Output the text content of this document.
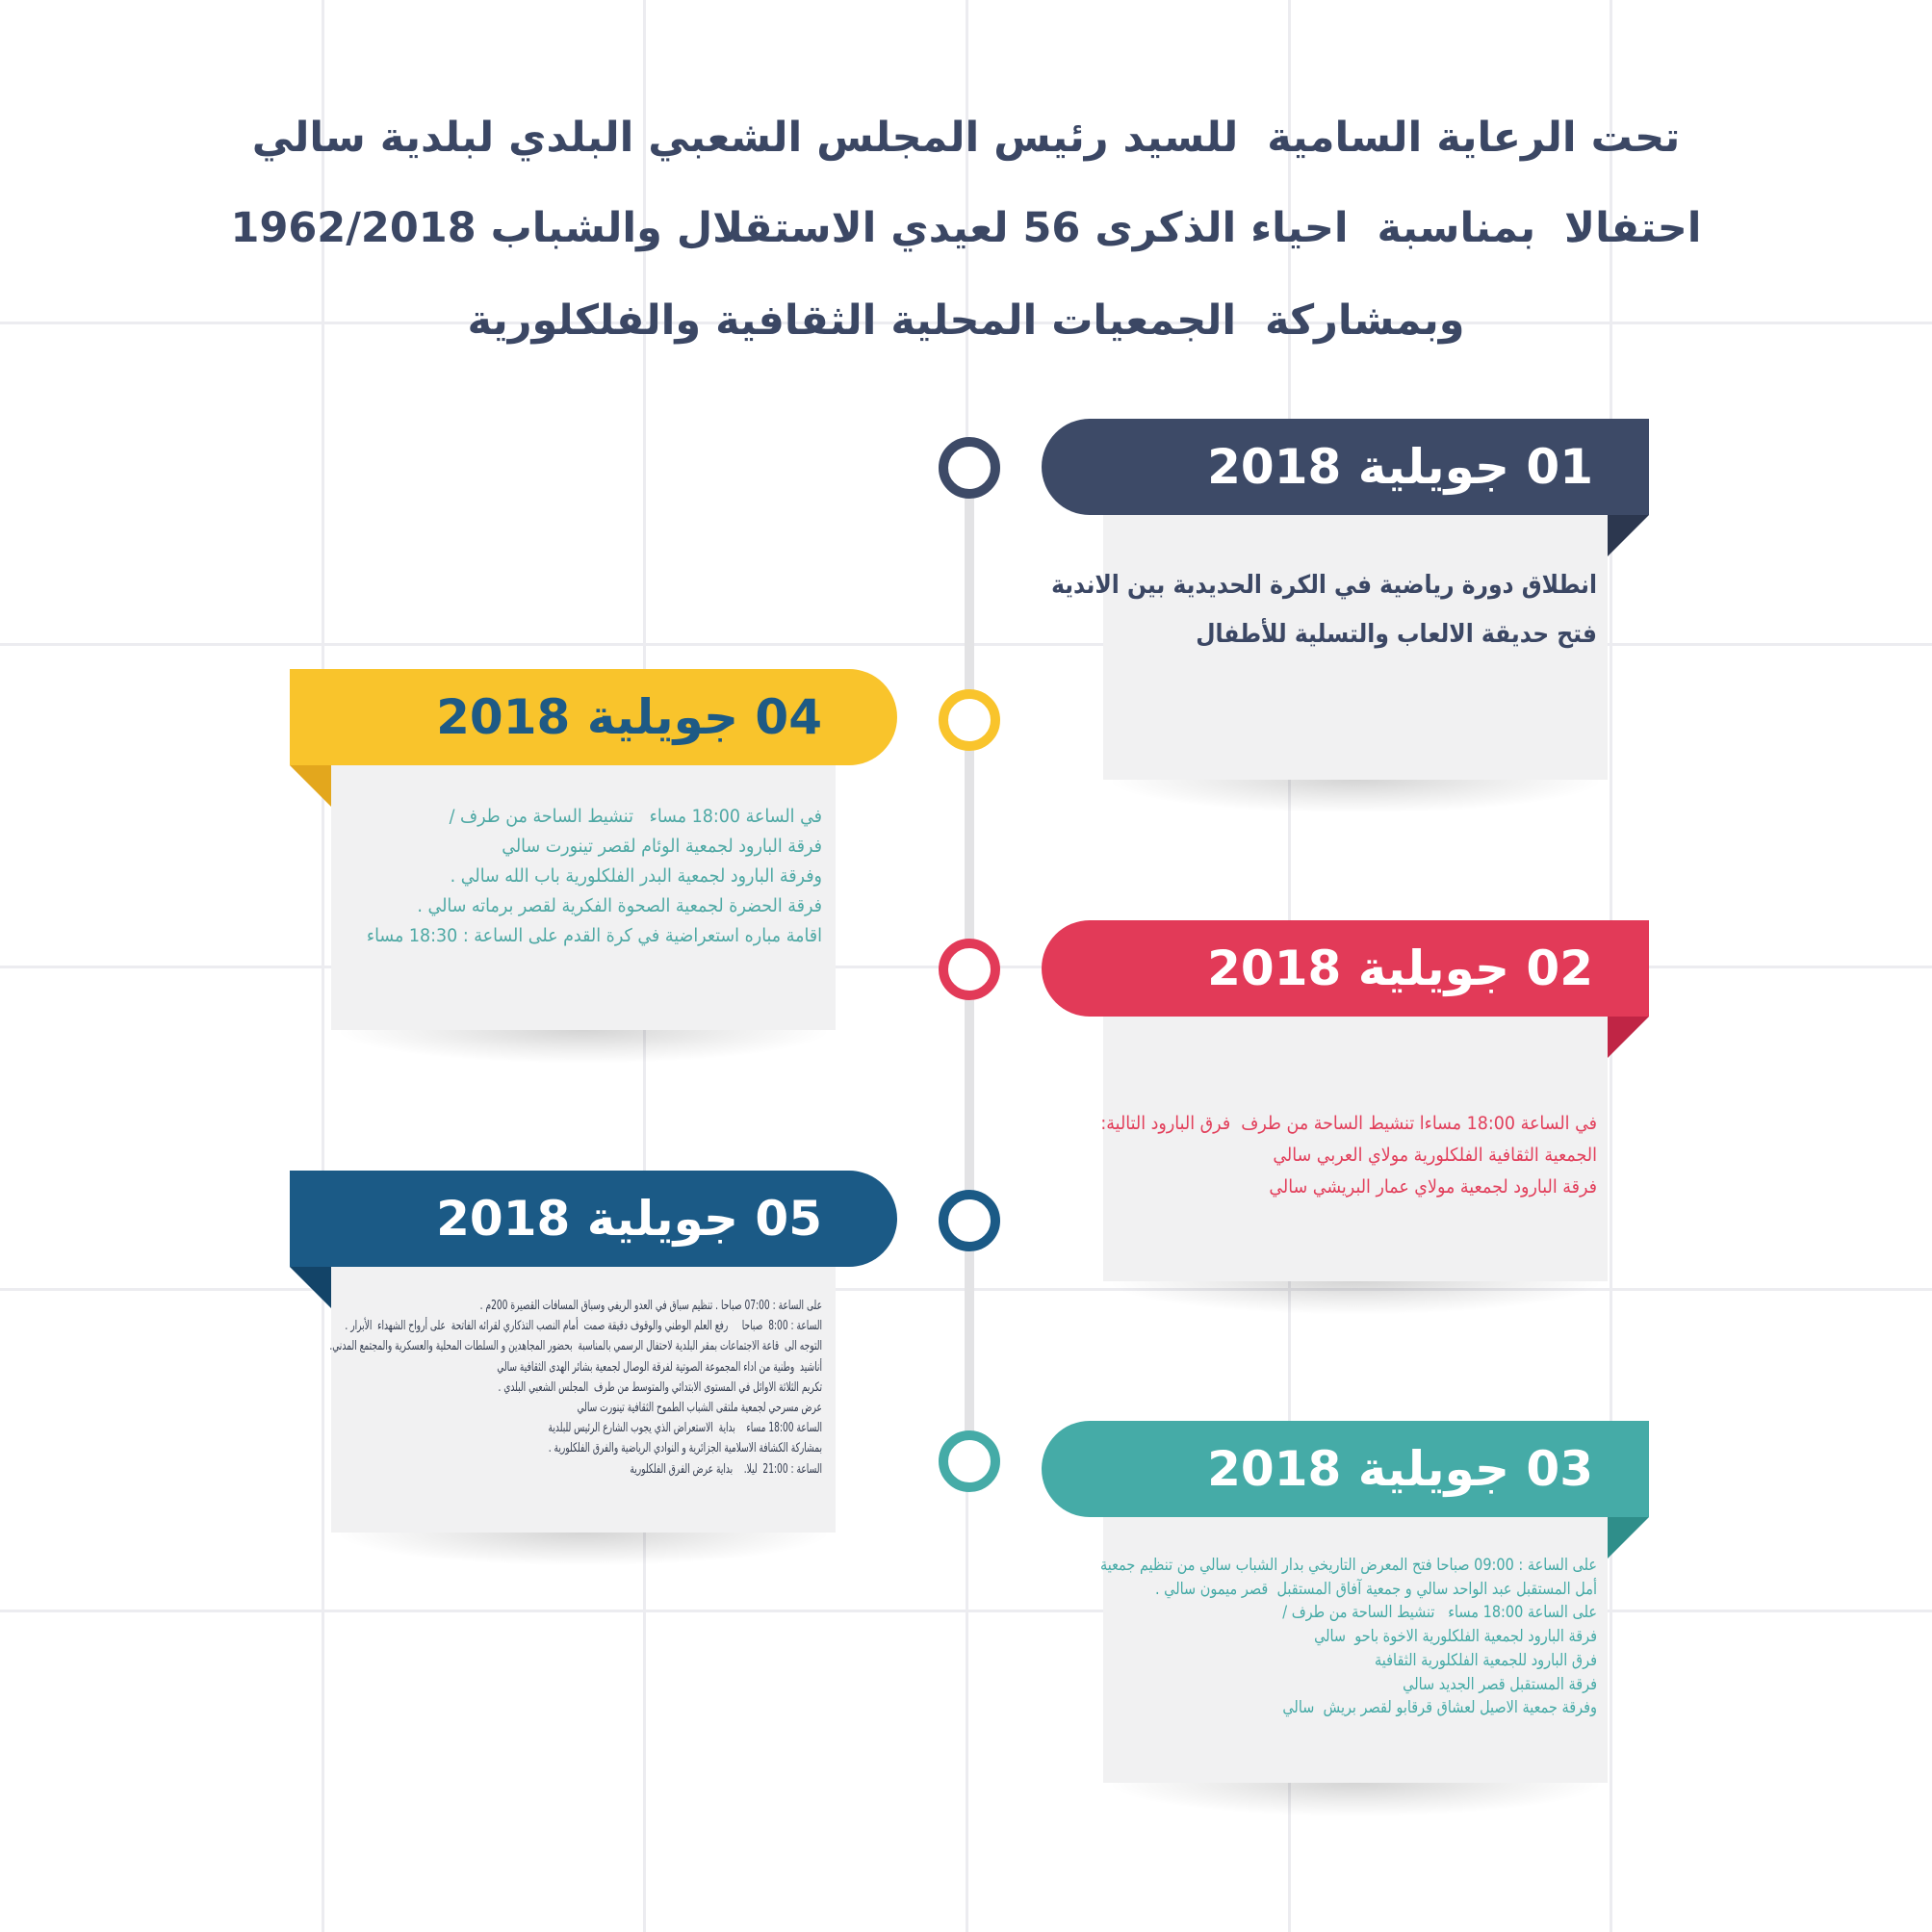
تحت الرعاية السامية  للسيد رئيس المجلس الشعبي البلدي لبلدية سالي
احتفالا  بمناسبة  احياء الذكرى 56 لعيدي الاستقلال والشباب 1962/2018
وبمشاركة  الجمعيات المحلية الثقافية والفلكلورية
انطلاق دورة رياضية في الكرة الحديدية بين الاندية
فتح حديقة الالعاب والتسلية للأطفال
01 جويلية 2018
في الساعة 18:00 مساء   تنشيط الساحة من طرف /
فرقة البارود لجمعية الوئام لقصر تينورت سالي
وفرقة البارود لجمعية البدر الفلكلورية باب الله سالي .
فرقة الحضرة لجمعية الصحوة الفكرية لقصر برماته سالي .
اقامة مباره استعراضية في كرة القدم على الساعة : 18:30 مساء
04 جويلية 2018
في الساعة 18:00 مساءا تنشيط الساحة من طرف  فرق البارود التالية:
الجمعية الثقافية الفلكلورية مولاي العربي سالي
فرقة البارود لجمعية مولاي عمار البريشي سالي
02 جويلية 2018
على الساعة : 07:00 صباحا . تنظيم سباق في العدو الريفي وسباق المسافات القصيرة 200م .
الساعة : 8:00  صباحا     رفع العلم الوطني والوقوف دقيقة صمت  أمام النصب التذكاري لقرائه الفاتحة  على أرواح الشهداء  الأبرار .
التوجه الى  قاعة الاجتماعات بمقر البلدية لاحتفال الرسمي بالمناسبة  بحضور المجاهدين و السلطات المحلية والعسكرية والمجتمع المدني.
أناشيد  وطنية من اداء المجموعة الصوتية لفرقة الوصال لجمعية بشائر الهدى الثقافية سالي
تكريم الثلاثة الاوائل في المستوى الابتدائي والمتوسط من طرف  المجلس الشعبي البلدي .
عرض مسرحي لجمعية ملتقى الشباب الطموح الثقافية تينورت سالي
الساعة 18:00 مساء    بداية  الاستعراض الذي يجوب الشارع الرئيس للبلدية
بمشاركة الكشافة الاسلامية الجزائرية و النوادي الرياضية والفرق الفلكلورية .
الساعة : 21:00  ليلا.    بداية عرض الفرق الفلكلورية
05 جويلية 2018
على الساعة : 09:00 صباحا فتح المعرض التاريخي بدار الشباب سالي من تنظيم جمعية
أمل المستقبل عبد الواحد سالي و جمعية آفاق المستقبل  قصر ميمون سالي .
على الساعة 18:00 مساء   تنشيط الساحة من طرف /
فرقة البارود لجمعية الفلكلورية الاخوة باحو  سالي
فرق البارود للجمعية الفلكلورية الثقافية
فرقة المستقبل قصر الجديد سالي
وفرقة جمعية الاصيل لعشاق قرقابو لقصر بريش  سالي
03 جويلية 2018
